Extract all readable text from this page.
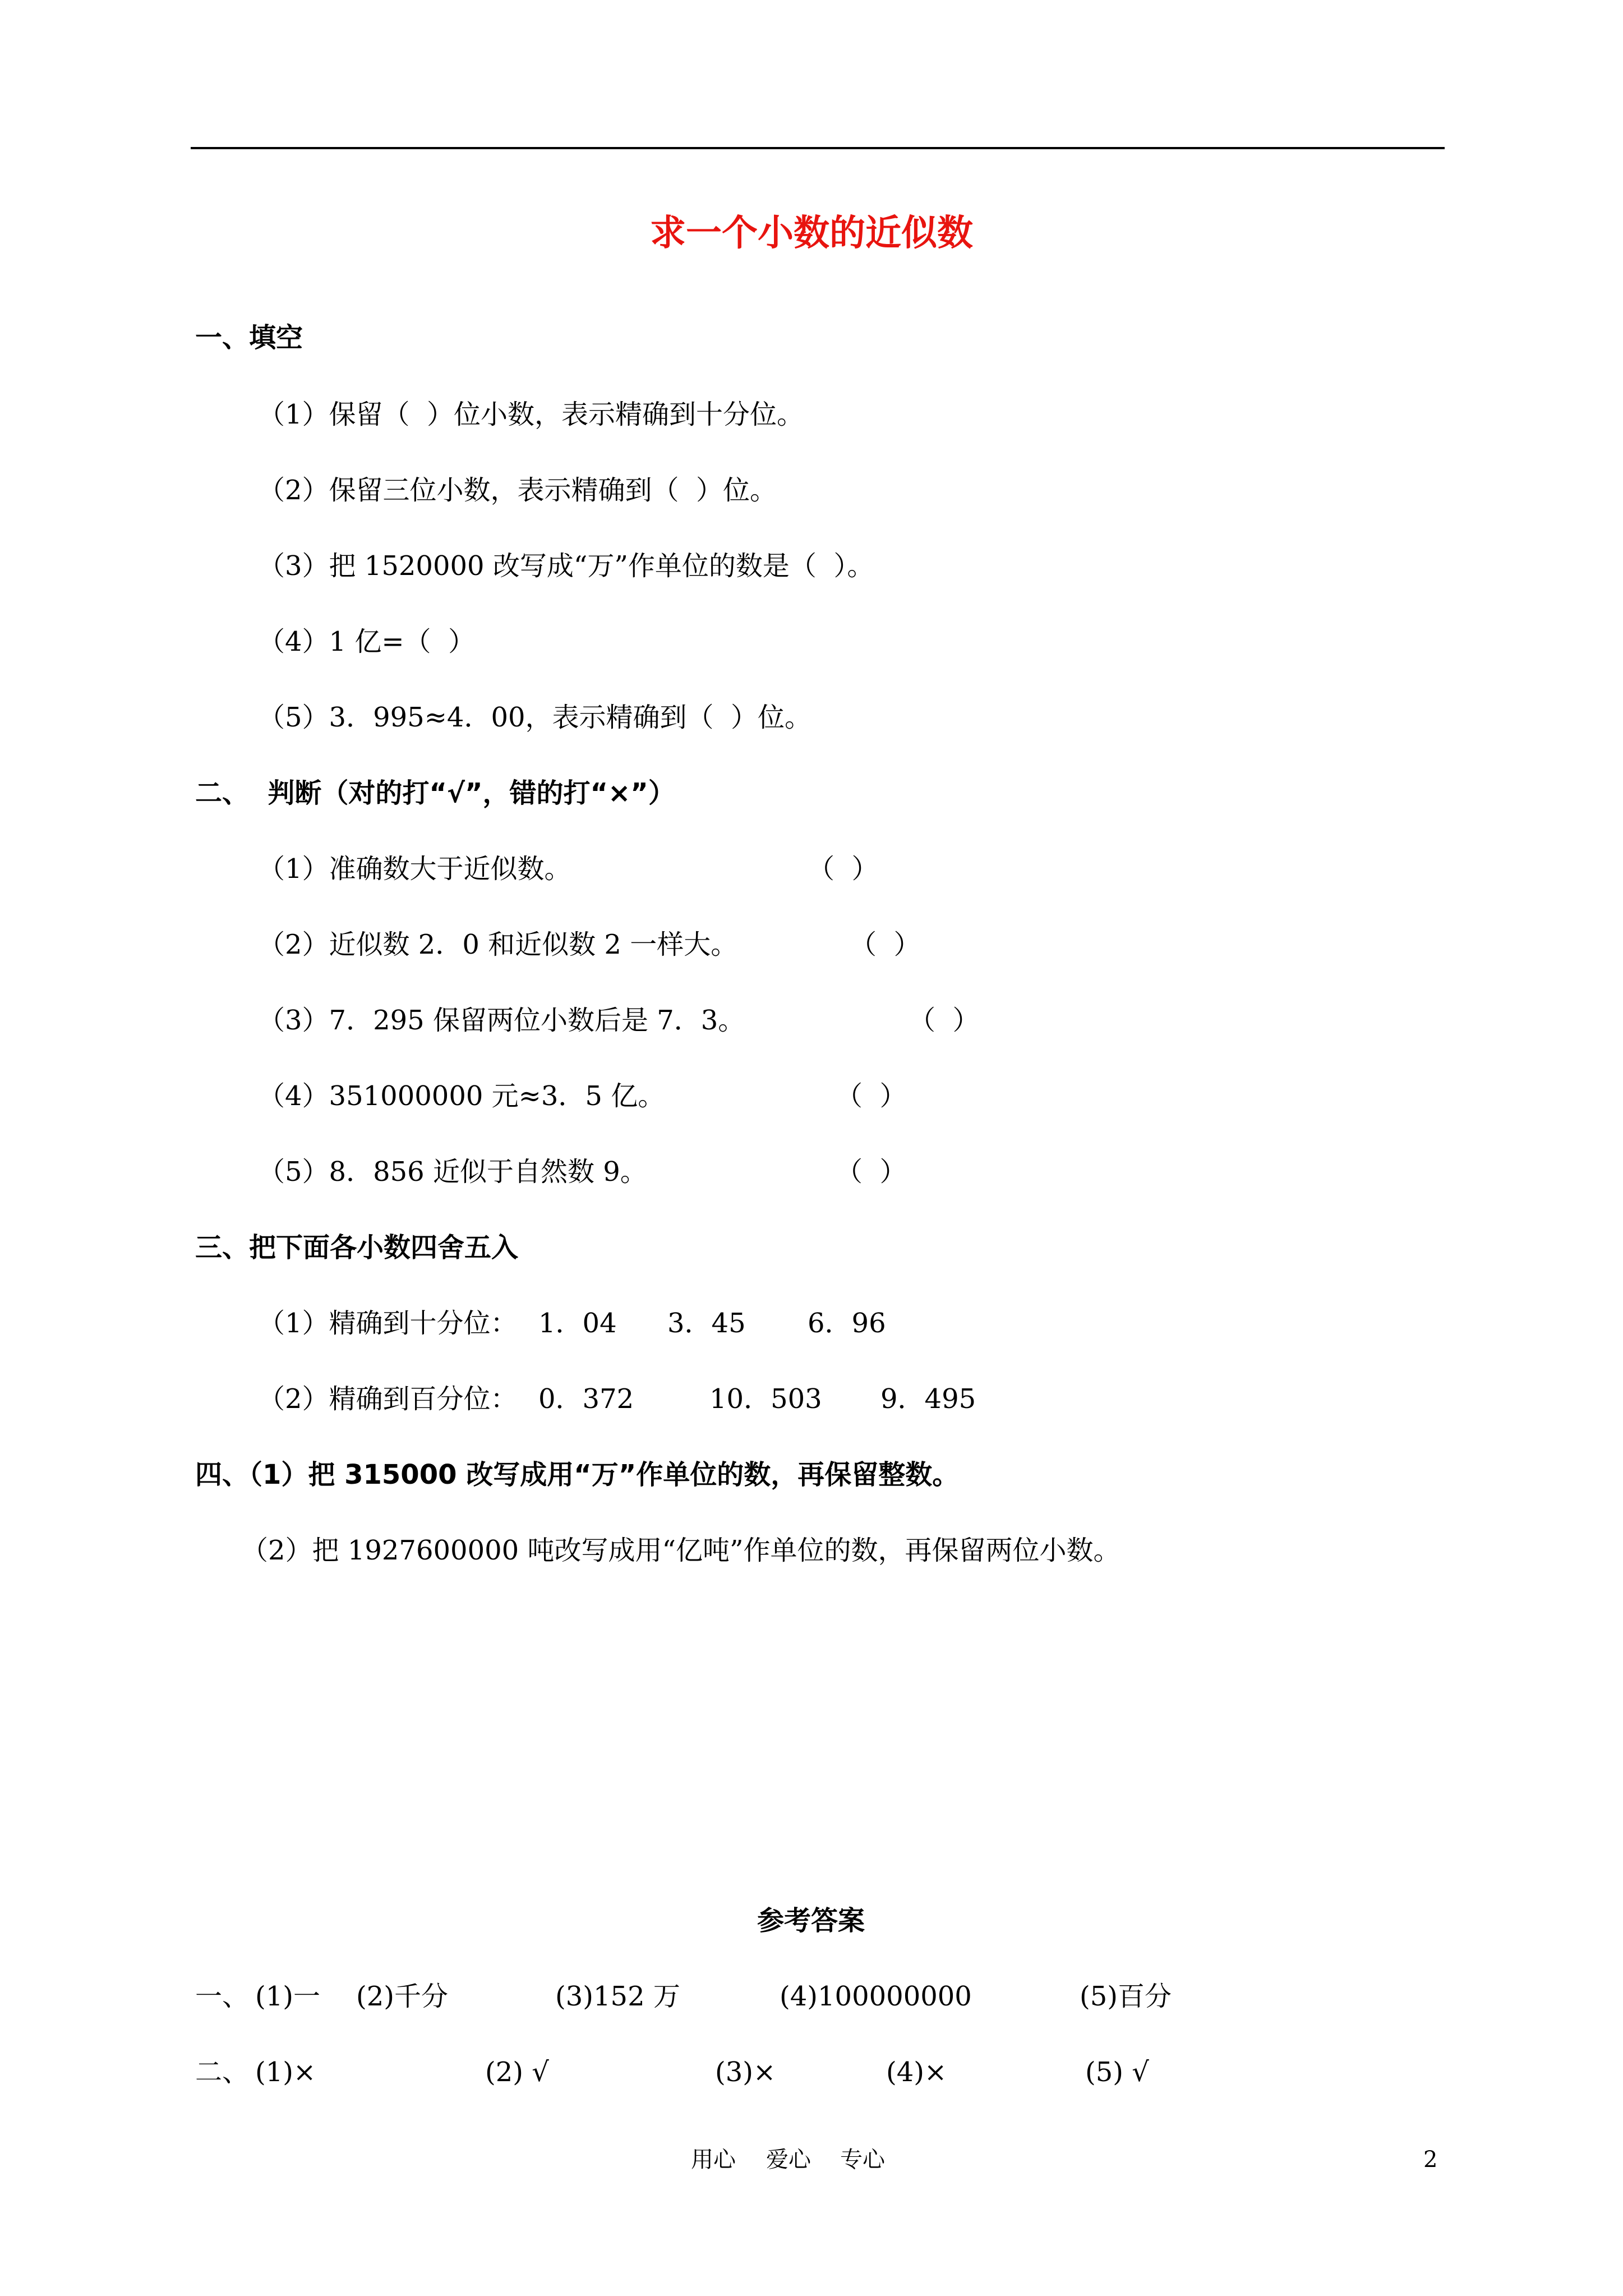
求一个小数的近似数
一、填空
（1）保留（  ）位小数，表示精确到十分位。
（2）保留三位小数，表示精确到（  ）位。
（3）把 1520000 改写成“万”作单位的数是（  ）。
（4）1 亿=（  ）
（5）3．995≈4．00，表示精确到（  ）位。
二、  判断（对的打“√”，错的打“×”）
（1）准确数大于近似数。	（  ）
（2）近似数 2．0 和近似数 2 一样大。	（  ）
（3）7．295 保留两位小数后是 7．3。	（  ）
（4）351000000 元≈3．5 亿。	（  ）
（5）8．856 近似于自然数 9。	（  ）
三、把下面各小数四舍五入
（1）精确到十分位： 1．04 3．45 6．96
（2）精确到百分位： 0．372	10．503 9．495
四、（1）把 315000 改写成用“万”作单位的数，再保留整数。
（2）把 1927600000 吨改写成用“亿吨”作单位的数，再保留两位小数。
参考答案
一、 (1)一 (2)千分	(3)152 万	(4)100000000	(5)百分
二、 (1)×	(2) √	(3)×	(4)×	(5) √
用心 爱心 专心	2
